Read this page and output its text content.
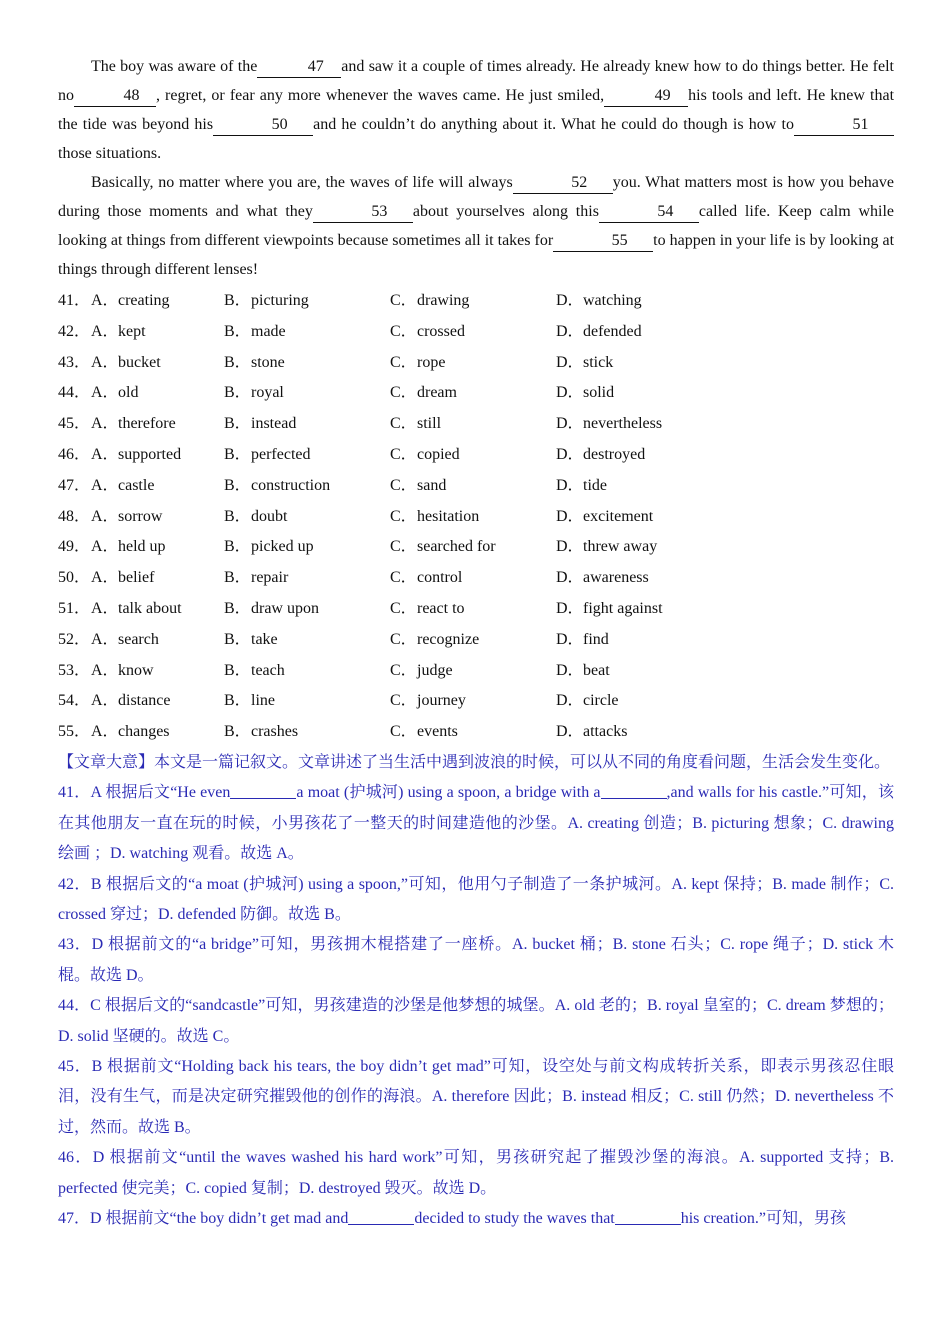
The boy was aware of the	47 and saw it a couple of times already. He already knew how to do things better. He felt no	48 , regret, or fear any more whenever the waves came. He just smiled,	49 his tools and left. He knew that the tide was beyond his	50 and he couldn’t do anything about it. What he could do though is how to	51those situations.

Basically, no matter where you are, the waves of life will always	52 you. What matters most is how you behave during those moments and what they	53 about yourselves along this	54 called life. Keep calm while looking at things from different viewpoints because sometimes all it takes for	55 to happen in your life is by looking at things through different lenses!

41． A．creating	B．picturing	C．drawing	D．watching
42． A．kept	B．made	C．crossed	D．defended
43． A．bucket	B．stone	C．rope	D．stick
44． A．old	B．royal	C．dream	D．solid
45． A．therefore	B．instead	C．still	D．nevertheless
46． A．supported	B．perfected	C．copied	D．destroyed
47． A．castle	B．construction	C．sand	D．tide
48． A．sorrow	B．doubt	C．hesitation	D．excitement
49． A．held up	B．picked up	C．searched for	D．threw away
50． A．belief	B．repair	C．control	D．awareness
51． A．talk about	B．draw upon	C．react to	D．fight against
52． A．search	B．take	C．recognize	D．find
53． A．know	B．teach	C．judge	D．beat
54． A．distance	B．line	C．journey	D．circle
55． A．changes	B．crashes	C．events	D．attacks

【文章大意】本文是一篇记叙文。文章讲述了当生活中遇到波浪的时候，可以从不同的角度看问题，生活会发生变化。

41．A 根据后文“He even	a moat (护城河) using a spoon, a bridge with a	,and walls for his castle.”可知，该在其他朋友一直在玩的时候，小男孩花了一整天的时间建造他的沙堡。A. creating 创造；B. picturing 想象；C. drawing 绘画 ；D. watching 观看。故选 A。

42．B 根据后文的“a moat (护城河) using a spoon,”可知，他用勺子制造了一条护城河。A. kept 保持；B. made 制作；C. crossed 穿过；D. defended 防御。故选 B。

43．D 根据前文的“a bridge”可知，男孩拥木棍搭建了一座桥。A. bucket 桶；B. stone 石头；C. rope 绳子；D. stick 木棍。故选 D。

44．C 根据后文的“sandcastle”可知，男孩建造的沙堡是他梦想的城堡。A. old 老的；B. royal 皇室的；C. dream 梦想的；D. solid 坚硬的。故选 C。

45．B 根据前文“Holding back his tears, the boy didn’t get mad”可知，设空处与前文构成转折关系，即表示男孩忍住眼泪，没有生气，而是决定研究摧毁他的创作的海浪。A. therefore 因此；B. instead 相反；C. still 仍然；D. nevertheless 不过，然而。故选 B。

46．D 根据前文“until the waves washed his hard work”可知，男孩研究起了摧毁沙堡的海浪。A. supported 支持；B. perfected 使完美；C. copied 复制；D. destroyed 毁灭。故选 D。

47．D 根据前文“the boy didn’t get mad and	decided to study the waves that	his creation.”可知，男孩
